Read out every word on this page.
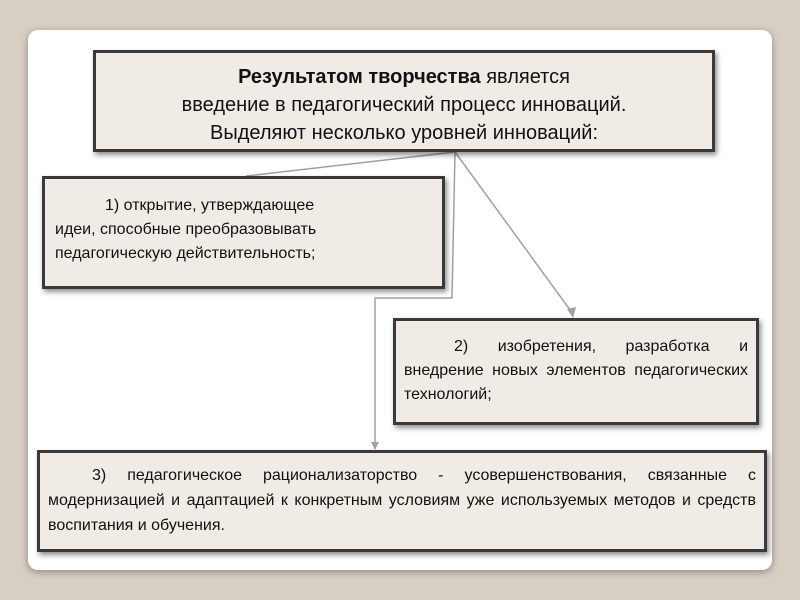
Результатом творчества является

введение в педагогический процесс инноваций.

Выделяют несколько уровней инноваций:

1) открытие, утверждающее

идеи, способные преобразовывать

педагогическую действительность;

2) изобретения, разработка и внедрение новых элементов педагогических технологий;

3) педагогическое рационализаторство - усовершенствования, связанные с модернизацией и адаптацией к конкретным условиям уже используемых методов и средств воспитания и обучения.
